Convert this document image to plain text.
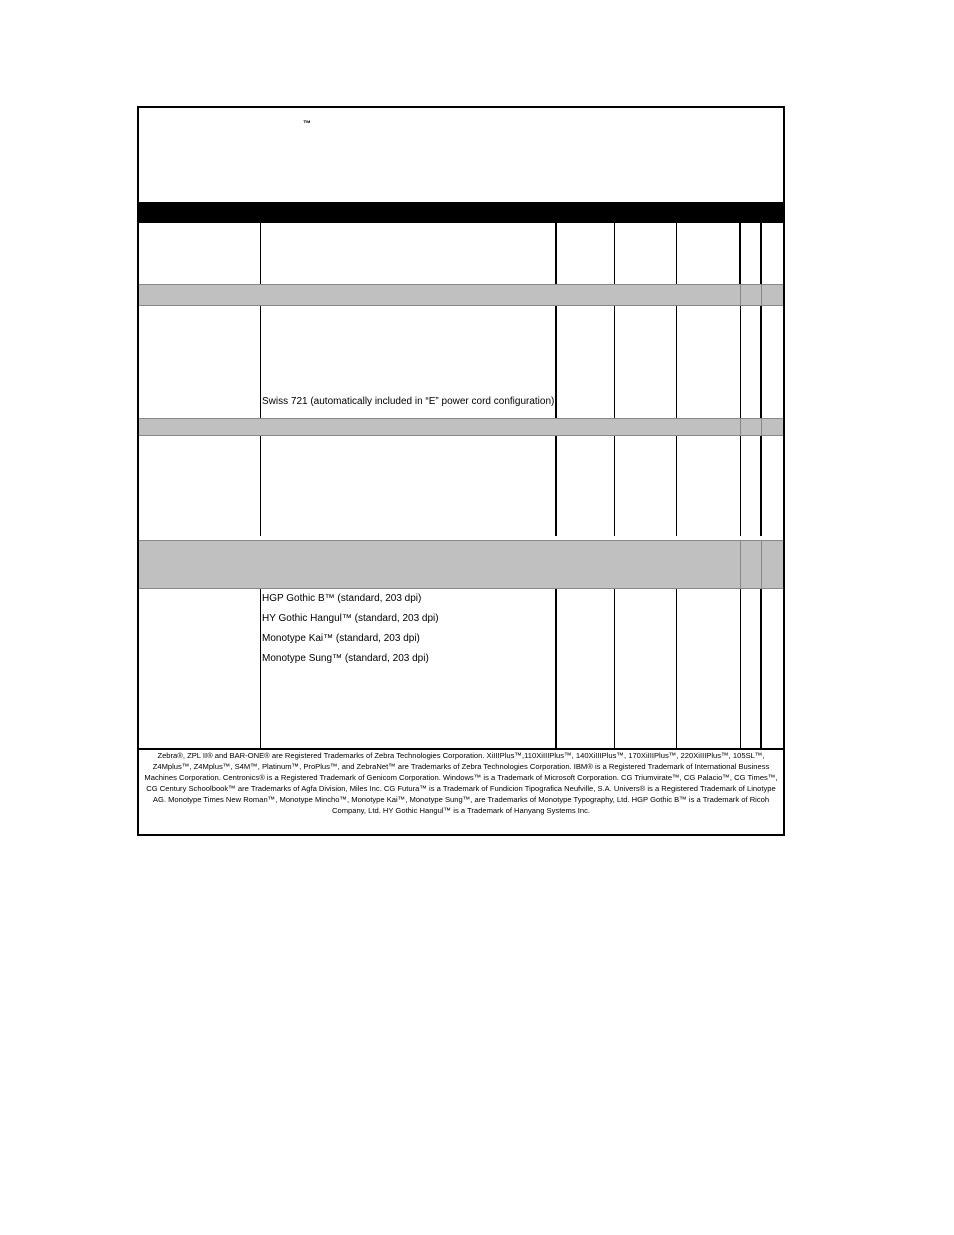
™
Swiss 721 (automatically included in “E” power cord configuration)
HGP Gothic B™ (standard, 203 dpi)
HY Gothic Hangul™ (standard, 203 dpi)
Monotype Kai™ (standard, 203 dpi)
Monotype Sung™ (standard, 203 dpi)
Zebra®, ZPL II® and BAR-ONE® are Registered Trademarks of Zebra Technologies Corporation. XiIIIPlus™,110XiIIIPlus™, 140XiIIIPlus™, 170XiIIIPlus™, 220XiIIIPlus™, 105SL™, Z4Mplus™, Z4Mplus™, S4M™, Platinum™, ProPlus™, and ZebraNet™ are Trademarks of Zebra Technologies Corporation. IBM® is a Registered Trademark of International Business Machines Corporation. Centronics® is a Registered Trademark of Genicom Corporation. Windows™ is a Trademark of Microsoft Corporation. CG Triumvirate™, CG Palacio™, CG Times™, CG Century Schoolbook™ are Trademarks of Agfa Division, Miles Inc. CG Futura™ is a Trademark of Fundicion Tipografica Neufville, S.A. Univers® is a Registered Trademark of Linotype AG. Monotype Times New Roman™, Monotype Mincho™, Monotype Kai™, Monotype Sung™, are Trademarks of Monotype Typography, Ltd. HGP Gothic B™ is a Trademark of Ricoh Company, Ltd. HY Gothic Hangul™ is a Trademark of Hanyang Systems Inc.
